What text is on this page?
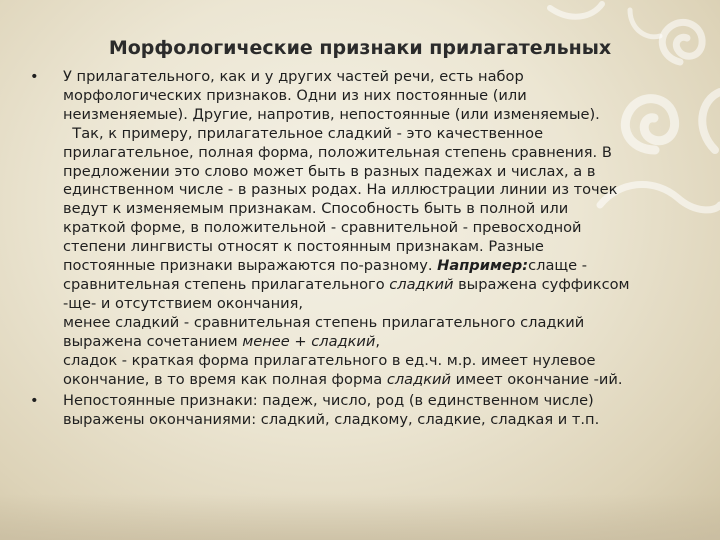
Морфологические признаки прилагательных
• У прилагательного, как и у других частей речи, есть набор
морфологических признаков. Одни из них постоянные (или
неизменяемые). Другие, напротив, непостоянные (или изменяемые).
Так, к примеру, прилагательное сладкий - это качественное
прилагательное, полная форма, положительная степень сравнения. В
предложении это слово может быть в разных падежах и числах, а в
единственном числе - в разных родах. На иллюстрации линии из точек
ведут к изменяемым признакам. Способность быть в полной или
краткой форме, в положительной - сравнительной - превосходной
степени лингвисты относят к постоянным признакам. Разные
постоянные признаки выражаются по-разному. Например:слаще -
сравнительная степень прилагательного сладкий выражена суффиксом
-ще- и отсутствием окончания,
менее сладкий - сравнительная степень прилагательного сладкий
выражена сочетанием менее + сладкий,
сладок - краткая форма прилагательного в ед.ч. м.р. имеет нулевое
окончание, в то время как полная форма сладкий имеет окончание -ий.
• Непостоянные признаки: падеж, число, род (в единственном числе)
выражены окончаниями: сладкий, сладкому, сладкие, сладкая и т.п.
